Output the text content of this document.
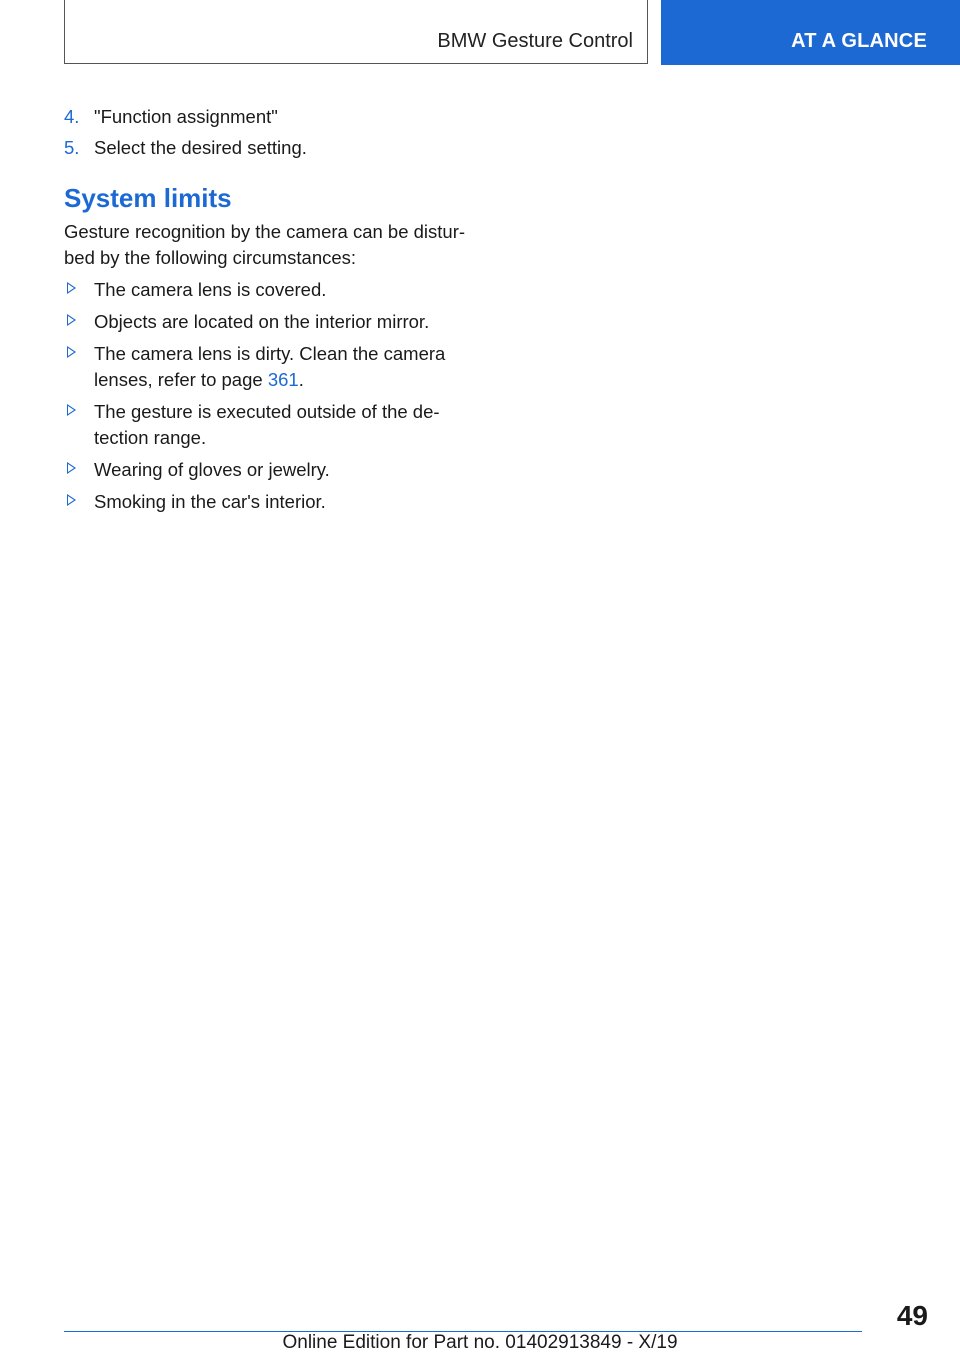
BMW Gesture Control	AT A GLANCE
4. "Function assignment"
5. Select the desired setting.
System limits

Gesture recognition by the camera can be distur-bed by the following circumstances:

The camera lens is covered.
Objects are located on the interior mirror.
The camera lens is dirty. Clean the camera lenses, refer to page 361.
The gesture is executed outside of the de-tection range.
Wearing of gloves or jewelry.
Smoking in the car's interior.
49
Online Edition for Part no. 01402913849 - X/19
